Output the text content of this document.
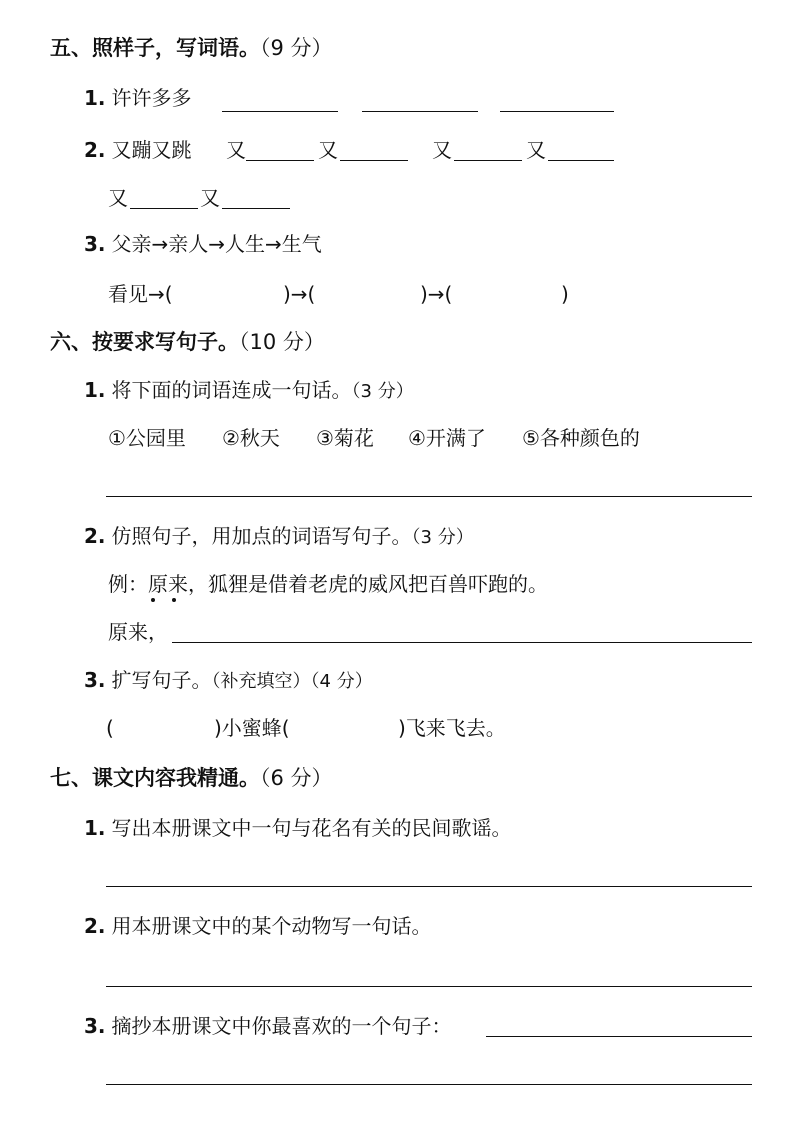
五、照样子，写词语。（9 分）
1. 许许多多
2. 又蹦又跳 又	又	又	又
又	又
3. 父亲→亲人→人生→生气
看见→(	)→(	)→(	)
六、按要求写句子。（10 分）
1. 将下面的词语连成一句话。（3 分）
①公园里 ②秋天 ③菊花 ④开满了 ⑤各种颜色的
2. 仿照句子，用加点的词语写句子。（3 分）
例：原来，狐狸是借着老虎的威风把百兽吓跑的。
原来，
3. 扩写句子。（补充填空）（4 分）
(	)小蜜蜂(	)飞来飞去。
七、课文内容我精通。（6 分）
1. 写出本册课文中一句与花名有关的民间歌谣。
2. 用本册课文中的某个动物写一句话。
3. 摘抄本册课文中你最喜欢的一个句子：
